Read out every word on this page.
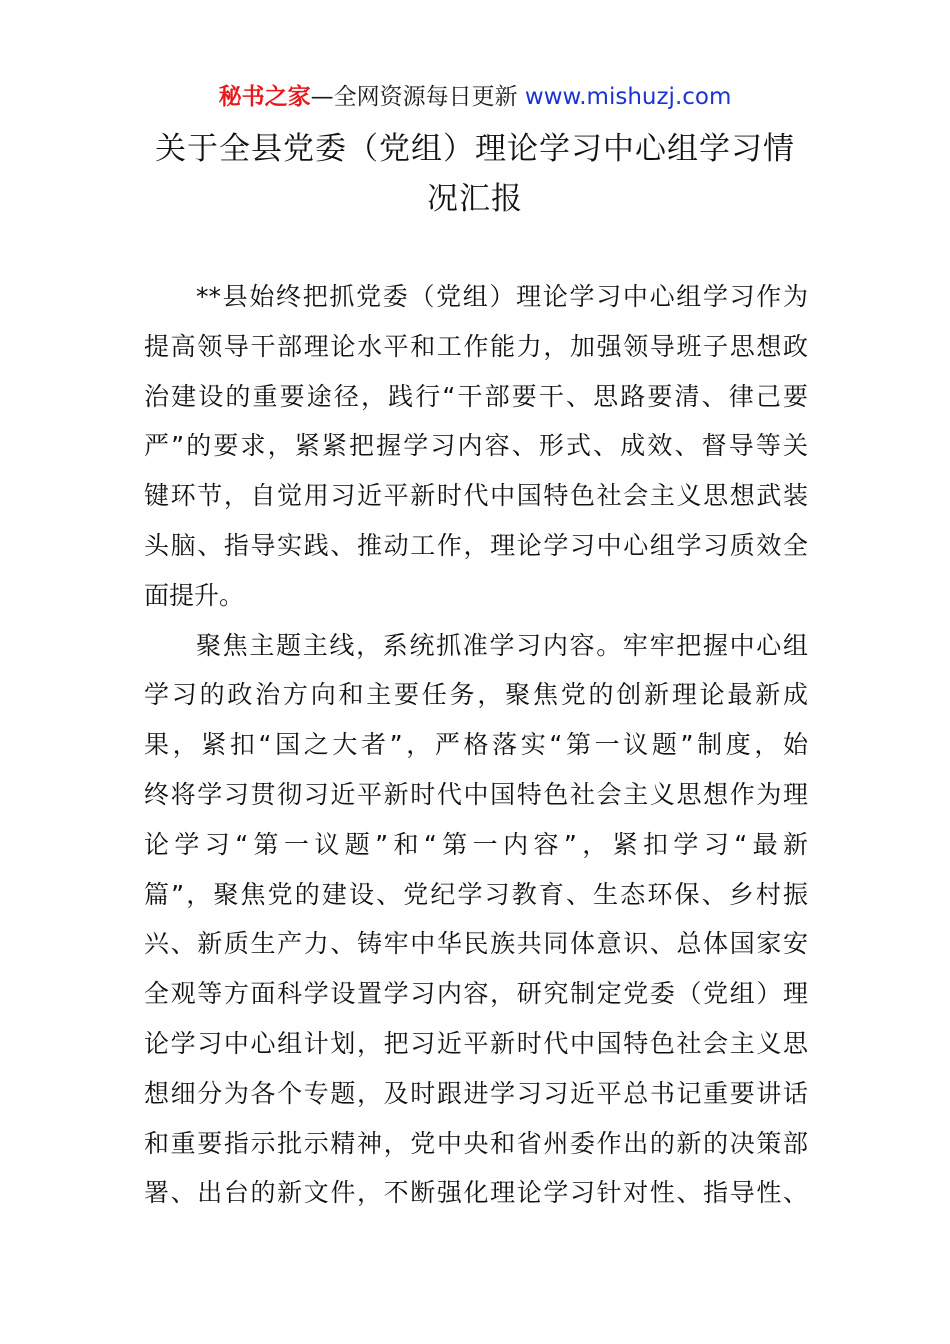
秘书之家—全网资源每日更新 www.mishuzj.com
关于全县党委（党组）理论学习中心组学习情
况汇报
**县始终把抓党委（党组）理论学习中心组学习作为
提高领导干部理论水平和工作能力，加强领导班子思想政
治建设的重要途径，践行“干部要干、思路要清、律己要
严”的要求，紧紧把握学习内容、形式、成效、督导等关
键环节，自觉用习近平新时代中国特色社会主义思想武装
头脑、指导实践、推动工作，理论学习中心组学习质效全
面提升。
聚焦主题主线，系统抓准学习内容。牢牢把握中心组
学习的政治方向和主要任务，聚焦党的创新理论最新成
果，紧扣“国之大者”，严格落实“第一议题”制度，始
终将学习贯彻习近平新时代中国特色社会主义思想作为理
论学习“第一议题”和“第一内容”，紧扣学习“最新
篇”，聚焦党的建设、党纪学习教育、生态环保、乡村振
兴、新质生产力、铸牢中华民族共同体意识、总体国家安
全观等方面科学设置学习内容，研究制定党委（党组）理
论学习中心组计划，把习近平新时代中国特色社会主义思
想细分为各个专题，及时跟进学习习近平总书记重要讲话
和重要指示批示精神，党中央和省州委作出的新的决策部
署、出台的新文件，不断强化理论学习针对性、指导性、
